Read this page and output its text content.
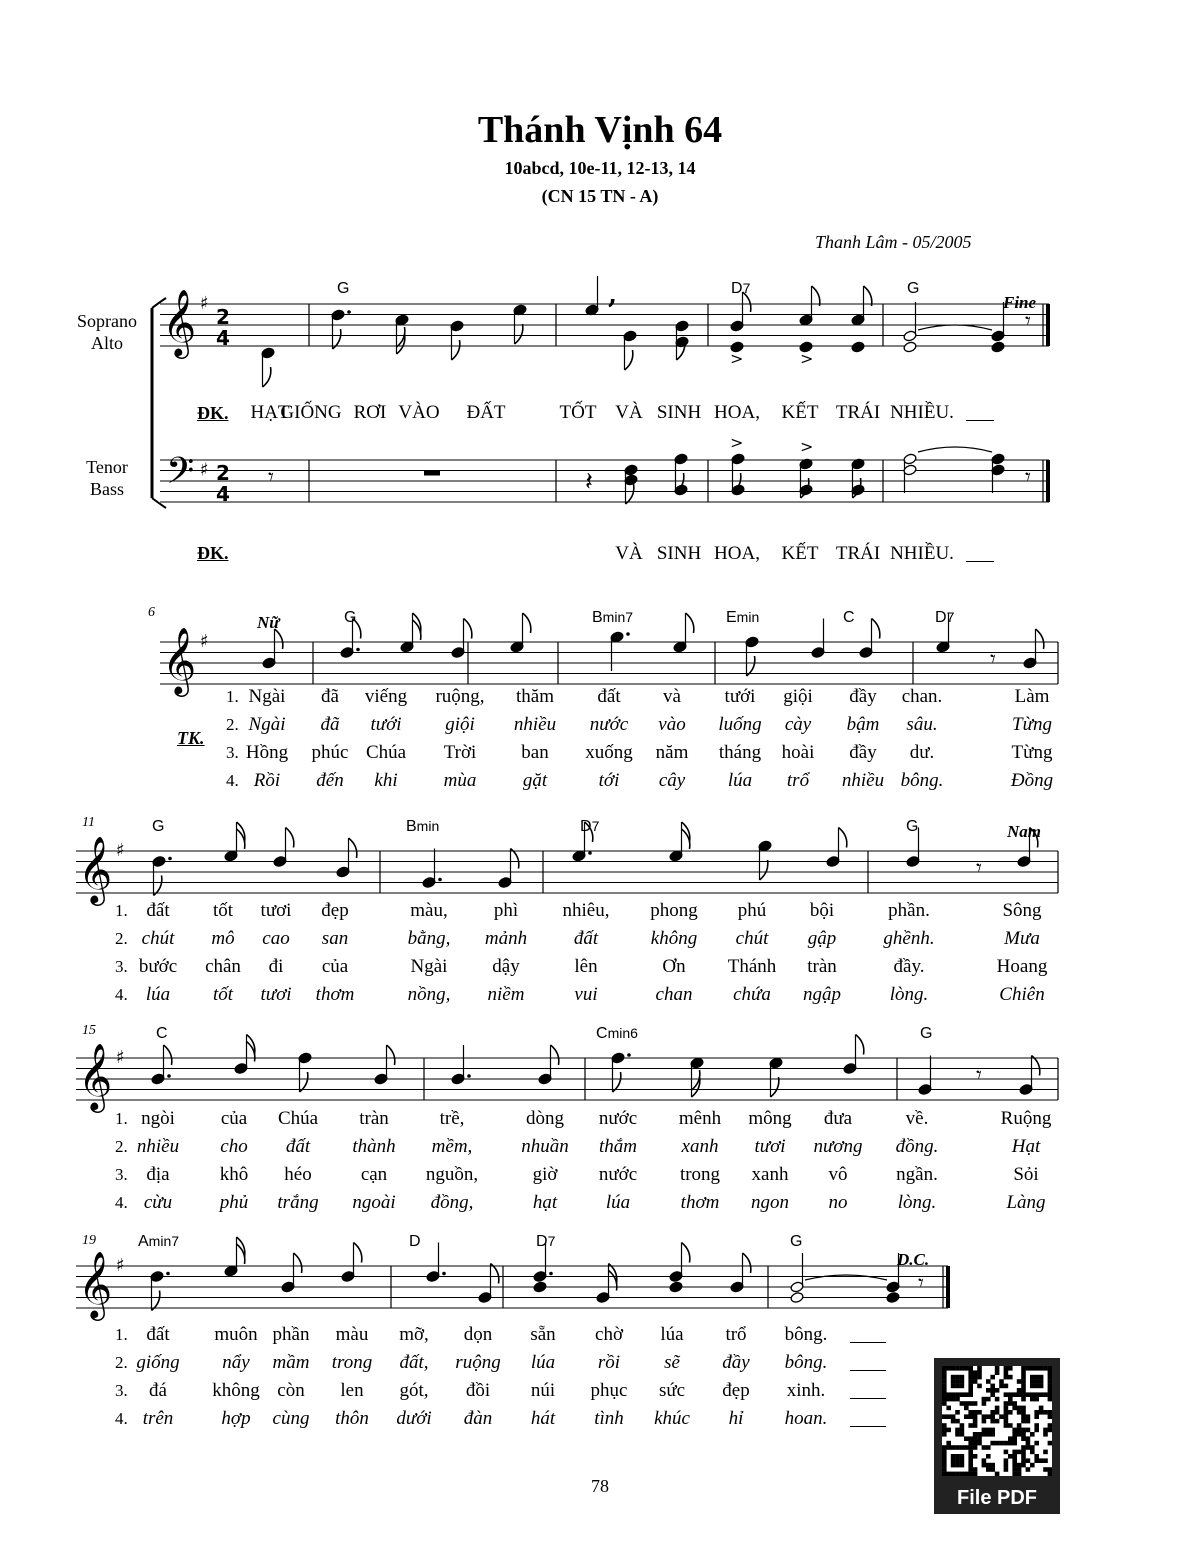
Thánh Vịnh 64
10abcd, 10e-11, 12-13, 14
(CN 15 TN - A)
Thanh Lâm - 05/2005
Soprano
Alto
Tenor
Bass
𝄞 ♯
2
4
𝄢 ♯ 2
4
𝄞 ♯
𝄞 ♯
𝄞 ♯
𝄞 ♯
,
𝄾
>	>
𝄾	𝄽	𝄾
>	>
𝄾
𝄾
𝄾
𝄾
G	D7	G
HẠT
GIỐNG RƠI VÀO ĐẤT	TỐT VÀ SINH HOA, KẾT TRÁI NHIỀU.
VÀ SINH HOA, KẾT TRÁI NHIỀU.
G	Bmin7	Emin	C	D7
1. Ngài đã viếng ruộng, thăm đất và tưới giội đầy chan.	Làm
2. Ngài đã tưới giội nhiều nước vào luống cày bậm sâu.	Từng
3. Hồng phúc Chúa Trời ban xuống năm tháng hoài đầy dư.	Từng
4. Rồi đến khi mùa gặt	tới cây lúa trổ nhiều bông.	Đồng
G	Bmin	D7	G
1. đất tốt tươi đẹp	màu, phì nhiêu, phong phú bội	phần.	Sông
2. chút mô cao san	bằng, mảnh đất	không chút gập ghềnh.	Mưa
3. bước chân đi của	Ngài dậy	lên	Ơn Thánh tràn	đầy.	Hoang
4. lúa tốt tươi thơm	nồng, niềm	vui	chan chứa ngập	lòng.	Chiên
C	Cmin6	G
1. ngòi của Chúa tràn	trề,	dòng nước mênh mông đưa	về.	Ruộng
2. nhiều cho đất thành mềm,	nhuần thắm xanh tươi nương đồng.	Hạt
3. địa	khô héo	cạn nguồn,	giờ nước trong xanh vô	ngần.	Sỏi
4. cừu	phủ trắng ngoài đồng,	hạt	lúa	thơm ngon no	lòng.	Làng
Amin7	D	D7	G
1. đất muôn phần màu mỡ, dọn sẵn chờ lúa trổ bông.
2. giống nẩy mầm trong đất, ruộng lúa rồi sẽ đầy bông.
3. đá không còn len gót, đồi núi phục sức đẹp xinh.
4. trên	hợp cùng thôn dưới đàn hát tình khúc hỉ hoan.
Fine
ĐK.
ĐK.
Nữ
Nam
D.C.
TK.
6
11
15
19
78
File PDF
